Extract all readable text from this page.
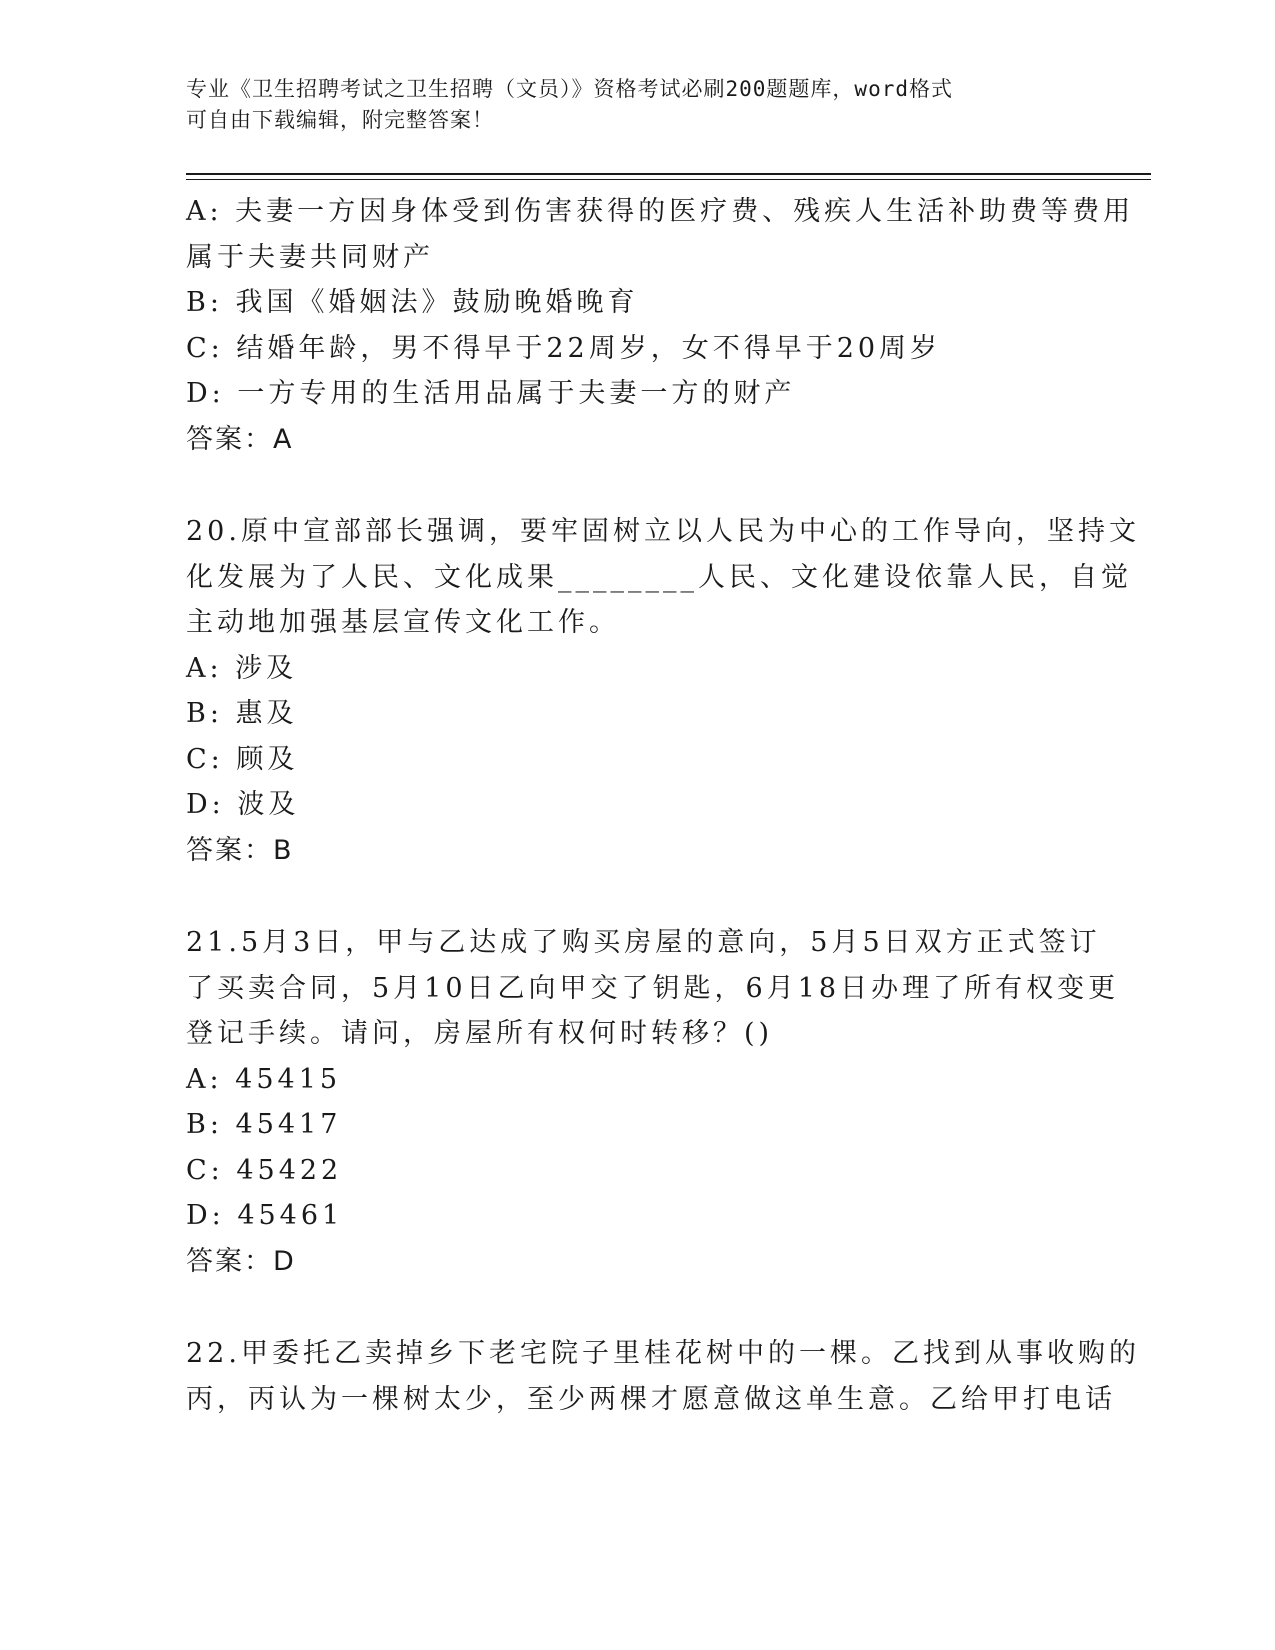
专业《卫生招聘考试之卫生招聘（文员）》资格考试必刷200题题库，word格式
可自由下载编辑，附完整答案！
A: 夫妻一方因身体受到伤害获得的医疗费、残疾人生活补助费等费用
属于夫妻共同财产
B: 我国《婚姻法》鼓励晚婚晚育
C: 结婚年龄，男不得早于22周岁，女不得早于20周岁
D: 一方专用的生活用品属于夫妻一方的财产
答案：A
20.原中宣部部长强调，要牢固树立以人民为中心的工作导向，坚持文
化发展为了人民、文化成果________人民、文化建设依靠人民，自觉
主动地加强基层宣传文化工作。
A: 涉及
B: 惠及
C: 顾及
D: 波及
答案：B
21.5月3日，甲与乙达成了购买房屋的意向，5月5日双方正式签订
了买卖合同，5月10日乙向甲交了钥匙，6月18日办理了所有权变更
登记手续。请问，房屋所有权何时转移？()
A: 45415
B: 45417
C: 45422
D: 45461
答案：D
22.甲委托乙卖掉乡下老宅院子里桂花树中的一棵。乙找到从事收购的
丙，丙认为一棵树太少，至少两棵才愿意做这单生意。乙给甲打电话
